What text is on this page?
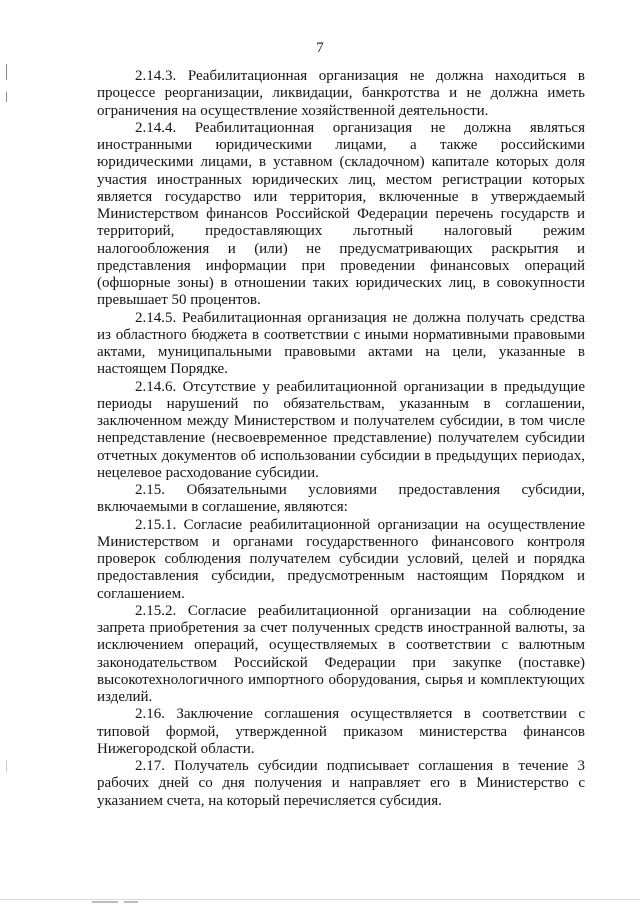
7

2.14.3. Реабилитационная организация не должна находиться в процессе реорганизации, ликвидации, банкротства и не должна иметь ограничения на осуществление хозяйственной деятельности.

2.14.4. Реабилитационная организация не должна являться иностранными юридическими лицами, а также российскими юридическими лицами, в уставном (складочном) капитале которых доля участия иностранных юридических лиц, местом регистрации которых является государство или территория, включенные в утверждаемый Министерством финансов Российской Федерации перечень государств и территорий, предоставляющих льготный налоговый режим налогообложения и (или) не предусматривающих раскрытия и представления информации при проведении финансовых операций (офшорные зоны) в отношении таких юридических лиц, в совокупности превышает 50 процентов.

2.14.5. Реабилитационная организация не должна получать средства из областного бюджета в соответствии с иными нормативными правовыми актами, муниципальными правовыми актами на цели, указанные в настоящем Порядке.

2.14.6. Отсутствие у реабилитационной организации в предыдущие периоды нарушений по обязательствам, указанным в соглашении, заключенном между Министерством и получателем субсидии, в том числе непредставление (несвоевременное представление) получателем субсидии отчетных документов об использовании субсидии в предыдущих периодах, нецелевое расходование субсидии.

2.15. Обязательными условиями предоставления субсидии, включаемыми в соглашение, являются:

2.15.1. Согласие реабилитационной организации на осуществление Министерством и органами государственного финансового контроля проверок соблюдения получателем субсидии условий, целей и порядка предоставления субсидии, предусмотренным настоящим Порядком и соглашением.

2.15.2. Согласие реабилитационной организации на соблюдение запрета приобретения за счет полученных средств иностранной валюты, за исключением операций, осуществляемых в соответствии с валютным законодательством Российской Федерации при закупке (поставке) высокотехнологичного импортного оборудования, сырья и комплектующих изделий.

2.16. Заключение соглашения осуществляется в соответствии с типовой формой, утвержденной приказом министерства финансов Нижегородской области.

2.17. Получатель субсидии подписывает соглашения в течение 3 рабочих дней со дня получения и направляет его в Министерство с указанием счета, на который перечисляется субсидия.
